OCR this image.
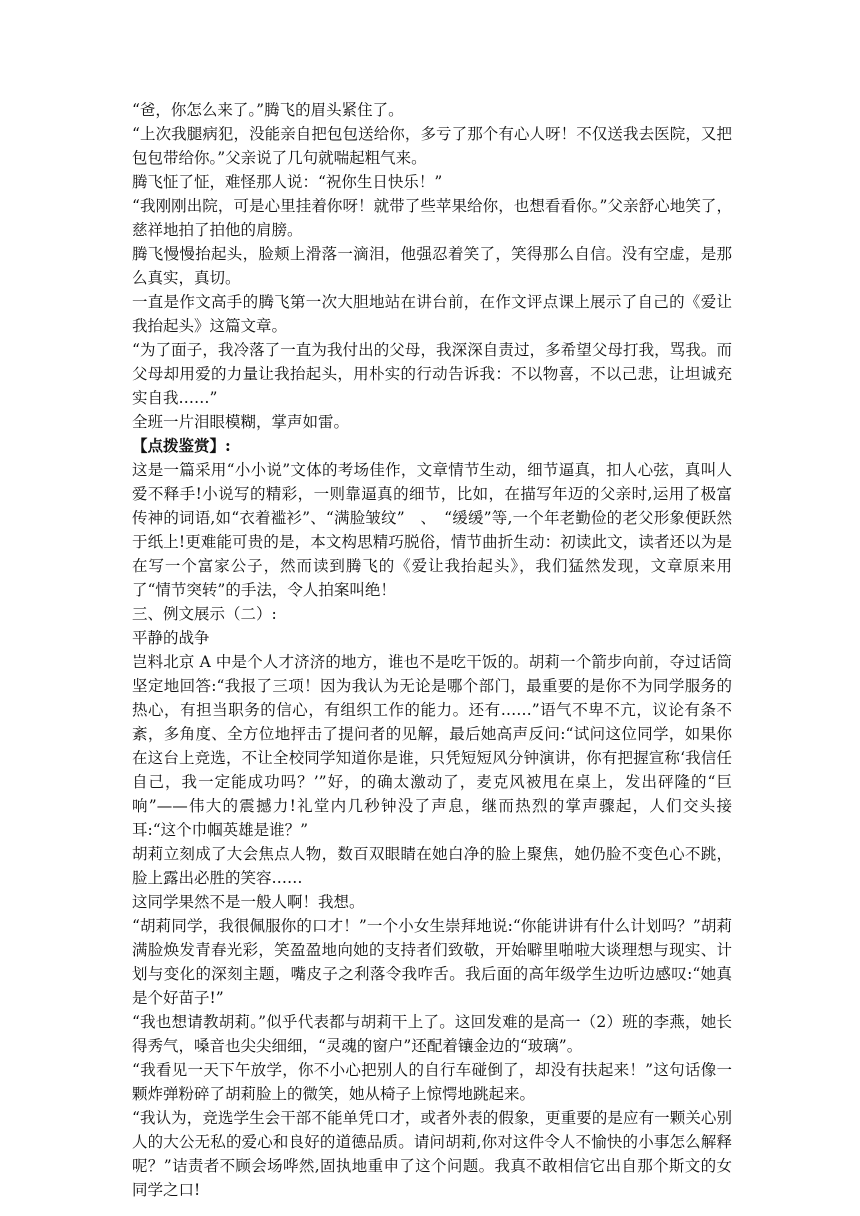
“爸，你怎么来了。”腾飞的眉头紧住了。

“上次我腿病犯，没能亲自把包包送给你，多亏了那个有心人呀！不仅送我去医院，又把包包带给你。”父亲说了几句就喘起粗气来。

腾飞怔了怔，难怪那人说：“祝你生日快乐！”

“我刚刚出院，可是心里挂着你呀！就带了些苹果给你，也想看看你。”父亲舒心地笑了，慈祥地拍了拍他的肩膀。

腾飞慢慢抬起头，脸颊上滑落一滴泪，他强忍着笑了，笑得那么自信。没有空虚，是那么真实，真切。

一直是作文高手的腾飞第一次大胆地站在讲台前，在作文评点课上展示了自己的《爱让我抬起头》这篇文章。

“为了面子，我冷落了一直为我付出的父母，我深深自责过，多希望父母打我，骂我。而父母却用爱的力量让我抬起头，用朴实的行动告诉我：不以物喜，不以己悲，让坦诚充实自我……”

全班一片泪眼模糊，掌声如雷。

【点拨鉴赏】:

这是一篇采用“小小说”文体的考场佳作，文章情节生动，细节逼真，扣人心弦，真叫人爱不释手!小说写的精彩，一则靠逼真的细节，比如，在描写年迈的父亲时,运用了极富传神的词语,如“衣着褴衫”、“满脸皱纹”　、　“缓缓”等,一个年老勤俭的老父形象便跃然于纸上!更难能可贵的是，本文构思精巧脱俗，情节曲折生动：初读此文，读者还以为是在写一个富家公子，然而读到腾飞的《爱让我抬起头》，我们猛然发现，文章原来用了“情节突转”的手法，令人拍案叫绝！

三、例文展示（二）:

平静的战争

岂料北京 A 中是个人才济济的地方，谁也不是吃干饭的。胡莉一个箭步向前，夺过话筒坚定地回答:“我报了三项！因为我认为无论是哪个部门，最重要的是你不为同学服务的热心，有担当职务的信心，有组织工作的能力。还有……”语气不卑不亢，议论有条不紊，多角度、全方位地抨击了提问者的见解，最后她高声反问:“试问这位同学，如果你在这台上竞选，不让全校同学知道你是谁，只凭短短风分钟演讲，你有把握宣称‘我信任自己，我一定能成功吗？’”好，的确太激动了，麦克风被甩在桌上，发出砰隆的“巨响”——伟大的震撼力!礼堂内几秒钟没了声息，继而热烈的掌声骤起，人们交头接耳:“这个巾帼英雄是谁？”

胡莉立刻成了大会焦点人物，数百双眼睛在她白净的脸上聚焦，她仍脸不变色心不跳，脸上露出必胜的笑容……

这同学果然不是一般人啊！我想。

“胡莉同学，我很佩服你的口才！”一个小女生崇拜地说:“你能讲讲有什么计划吗？”胡莉满脸焕发青春光彩，笑盈盈地向她的支持者们致敬，开始噼里啪啦大谈理想与现实、计划与变化的深刻主题，嘴皮子之利落令我咋舌。我后面的高年级学生边听边感叹:“她真是个好苗子!”

“我也想请教胡莉。”似乎代表都与胡莉干上了。这回发难的是高一（2）班的李燕，她长得秀气，嗓音也尖尖细细，“灵魂的窗户”还配着镶金边的“玻璃”。

“我看见一天下午放学，你不小心把别人的自行车碰倒了，却没有扶起来！”这句话像一颗炸弹粉碎了胡莉脸上的微笑，她从椅子上惊愕地跳起来。

“我认为，竞选学生会干部不能单凭口才，或者外表的假象，更重要的是应有一颗关心别人的大公无私的爱心和良好的道德品质。请问胡莉,你对这件令人不愉快的小事怎么解释呢？”诘责者不顾会场哗然,固执地重申了这个问题。我真不敢相信它出自那个斯文的女同学之口!
